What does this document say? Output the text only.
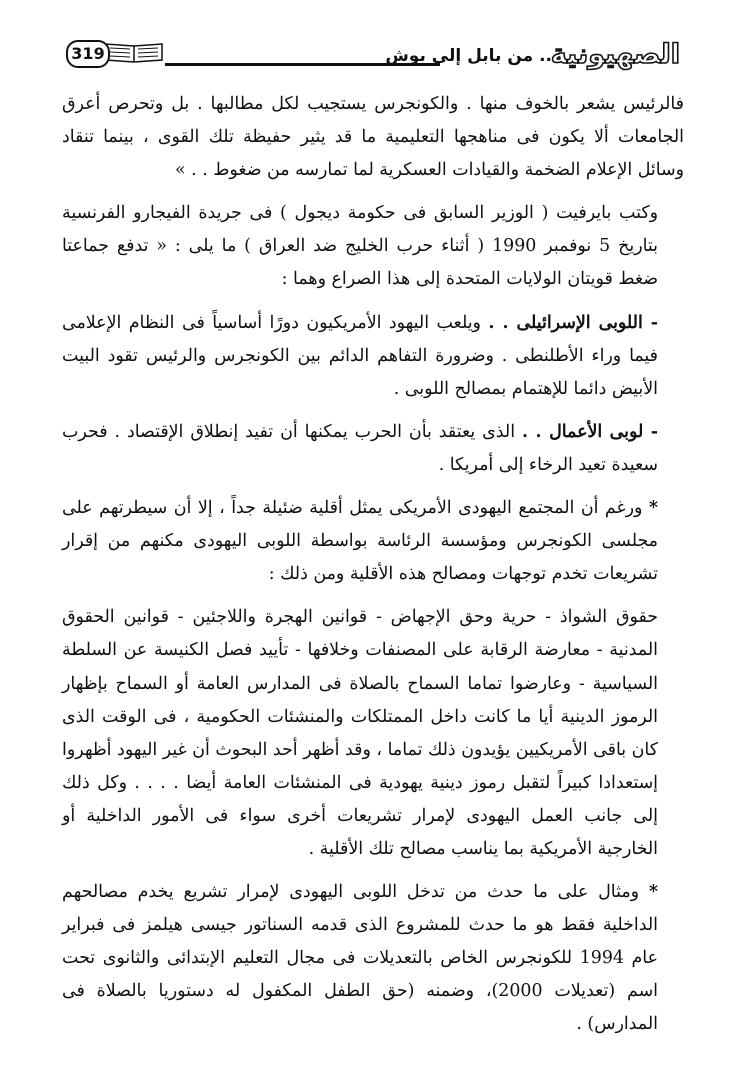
الصهيونية
.. من بابل إلى بوش
319

فالرئيس يشعر بالخوف منها . والكونجرس يستجيب لكل مطالبها . بل وتحرص أعرق الجامعات ألا يكون فى مناهجها التعليمية ما قد يثير حفيظة تلك القوى ، بينما تنقاد وسائل الإعلام الضخمة والقيادات العسكرية لما تمارسه من ضغوط . . »

وكتب بايرفيت ( الوزير السابق فى حكومة ديجول ) فى جريدة الفيجارو الفرنسية بتاريخ 5 نوفمبر 1990 ( أثناء حرب الخليج ضد العراق ) ما يلى : « تدفع جماعتا ضغط قويتان الولايات المتحدة إلى هذا الصراع وهما :

- اللوبى الإسرائيلى . . ويلعب اليهود الأمريكيون دورًا أساسياً فى النظام الإعلامى فيما وراء الأطلنطى . وضرورة التفاهم الدائم بين الكونجرس والرئيس تقود البيت الأبيض دائما للإهتمام بمصالح اللوبى .

- لوبى الأعمال . . الذى يعتقد بأن الحرب يمكنها أن تفيد إنطلاق الإقتصاد . فحرب سعيدة تعيد الرخاء إلى أمريكا .

* ورغم أن المجتمع اليهودى الأمريكى يمثل أقلية ضئيلة جداً ، إلا أن سيطرتهم على مجلسى الكونجرس ومؤسسة الرئاسة بواسطة اللوبى اليهودى مكنهم من إقرار تشريعات تخدم توجهات ومصالح هذه الأقلية ومن ذلك :

حقوق الشواذ - حرية وحق الإجهاض - قوانين الهجرة واللاجئين - قوانين الحقوق المدنية - معارضة الرقابة على المصنفات وخلافها - تأييد فصل الكنيسة عن السلطة السياسية - وعارضوا تماما السماح بالصلاة فى المدارس العامة أو السماح بإظهار الرموز الدينية أيا ما كانت داخل الممتلكات والمنشئات الحكومية ، فى الوقت الذى كان باقى الأمريكيين يؤيدون ذلك تماما ، وقد أظهر أحد البحوث أن غير اليهود أظهروا إستعدادا كبيراً لتقبل رموز دينية يهودية فى المنشئات العامة أيضا . . . . وكل ذلك إلى جانب العمل اليهودى لإمرار تشريعات أخرى سواء فى الأمور الداخلية أو الخارجية الأمريكية بما يناسب مصالح تلك الأقلية .

* ومثال على ما حدث من تدخل اللوبى اليهودى لإمرار تشريع يخدم مصالحهم الداخلية فقط هو ما حدث للمشروع الذى قدمه السناتور جيسى هيلمز فى فبراير عام 1994 للكونجرس الخاص بالتعديلات فى مجال التعليم الإبتدائى والثانوى تحت اسم (تعديلات 2000)، وضمنه (حق الطفل المكفول له دستوريا بالصلاة فى المدارس) .
